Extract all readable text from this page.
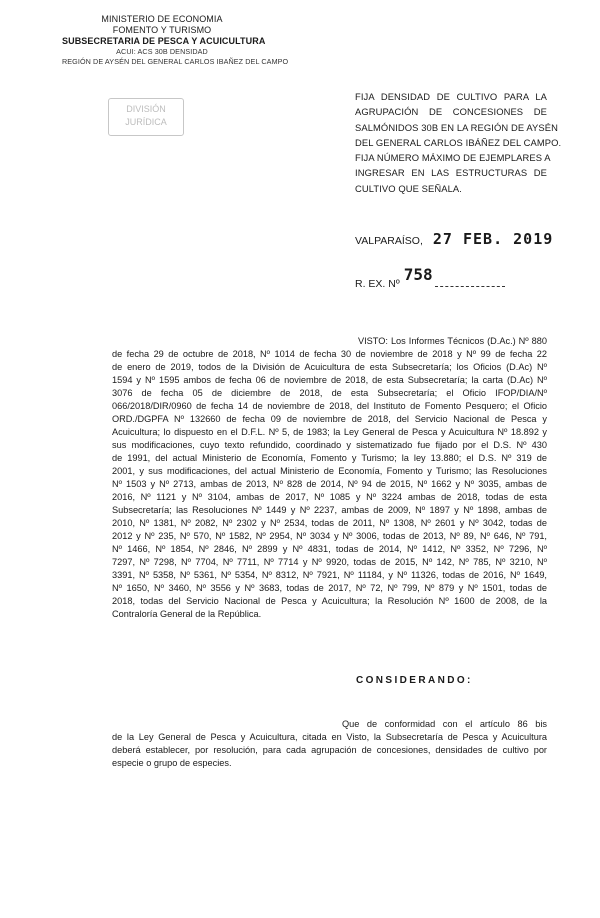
MINISTERIO DE ECONOMIA
FOMENTO Y TURISMO
SUBSECRETARIA DE PESCA Y ACUICULTURA
ACUI: ACS 30B DENSIDAD
REGIÓN DE AYSÉN DEL GENERAL CARLOS IBAÑEZ DEL CAMPO
DIVISIÓN
JURÍDICA
FIJA DENSIDAD DE CULTIVO PARA LA
AGRUPACIÓN DE CONCESIONES DE
SALMÓNIDOS 30B EN LA REGIÓN DE AYSÉN
DEL GENERAL CARLOS IBÁÑEZ DEL CAMPO.
FIJA NÚMERO MÁXIMO DE EJEMPLARES A
INGRESAR EN LAS ESTRUCTURAS DE
CULTIVO QUE SEÑALA.
VALPARAÍSO, 27 FEB. 2019
R. EX. Nº 758
VISTO: Los Informes Técnicos (D.Ac.) Nº 880
de fecha 29 de octubre de 2018, Nº 1014 de fecha 30 de noviembre de 2018 y Nº 99 de fecha 22
de enero de 2019, todos de la División de Acuicultura de esta Subsecretaría; los Oficios (D.Ac) Nº
1594 y Nº 1595 ambos de fecha 06 de noviembre de 2018, de esta Subsecretaría; la carta (D.Ac) Nº
3076 de fecha 05 de diciembre de 2018, de esta Subsecretaría; el Oficio IFOP/DIA/Nº
066/2018/DIR/0960 de fecha 14 de noviembre de 2018, del Instituto de Fomento Pesquero; el Oficio
ORD./DGPFA Nº 132660 de fecha 09 de noviembre de 2018, del Servicio Nacional de Pesca y
Acuicultura; lo dispuesto en el D.F.L. Nº 5, de 1983; la Ley General de Pesca y Acuicultura Nº 18.892 y
sus modificaciones, cuyo texto refundido, coordinado y sistematizado fue fijado por el D.S. Nº 430
de 1991, del actual Ministerio de Economía, Fomento y Turismo; la ley 13.880; el D.S. Nº 319 de
2001, y sus modificaciones, del actual Ministerio de Economía, Fomento y Turismo; las Resoluciones
Nº 1503 y Nº 2713, ambas de 2013, Nº 828 de 2014, Nº 94 de 2015, Nº 1662 y Nº 3035, ambas de
2016, Nº 1121 y Nº 3104, ambas de 2017, Nº 1085 y Nº 3224 ambas de 2018, todas de esta
Subsecretaría; las Resoluciones Nº 1449 y Nº 2237, ambas de 2009, Nº 1897 y Nº 1898, ambas de
2010, Nº 1381, Nº 2082, Nº 2302 y Nº 2534, todas de 2011, Nº 1308, Nº 2601 y Nº 3042, todas de
2012 y Nº 235, Nº 570, Nº 1582, Nº 2954, Nº 3034 y Nº 3006, todas de 2013, Nº 89, Nº 646, Nº 791,
Nº 1466, Nº 1854, Nº 2846, Nº 2899 y Nº 4831, todas de 2014, Nº 1412, Nº 3352, Nº 7296, Nº
7297, Nº 7298, Nº 7704, Nº 7711, Nº 7714 y Nº 9920, todas de 2015, Nº 142, Nº 785, Nº 3210, Nº
3391, Nº 5358, Nº 5361, Nº 5354, Nº 8312, Nº 7921, Nº 11184, y Nº 11326, todas de 2016, Nº 1649,
Nº 1650, Nº 3460, Nº 3556 y Nº 3683, todas de 2017, Nº 72, Nº 799, Nº 879 y Nº 1501, todas de
2018, todas del Servicio Nacional de Pesca y Acuicultura; la Resolución Nº 1600 de 2008, de la
Contraloría General de la República.
CONSIDERANDO:
Que de conformidad con el artículo 86 bis
de la Ley General de Pesca y Acuicultura, citada en Visto, la Subsecretaría de Pesca y Acuicultura
deberá establecer, por resolución, para cada agrupación de concesiones, densidades de cultivo por
especie o grupo de especies.
